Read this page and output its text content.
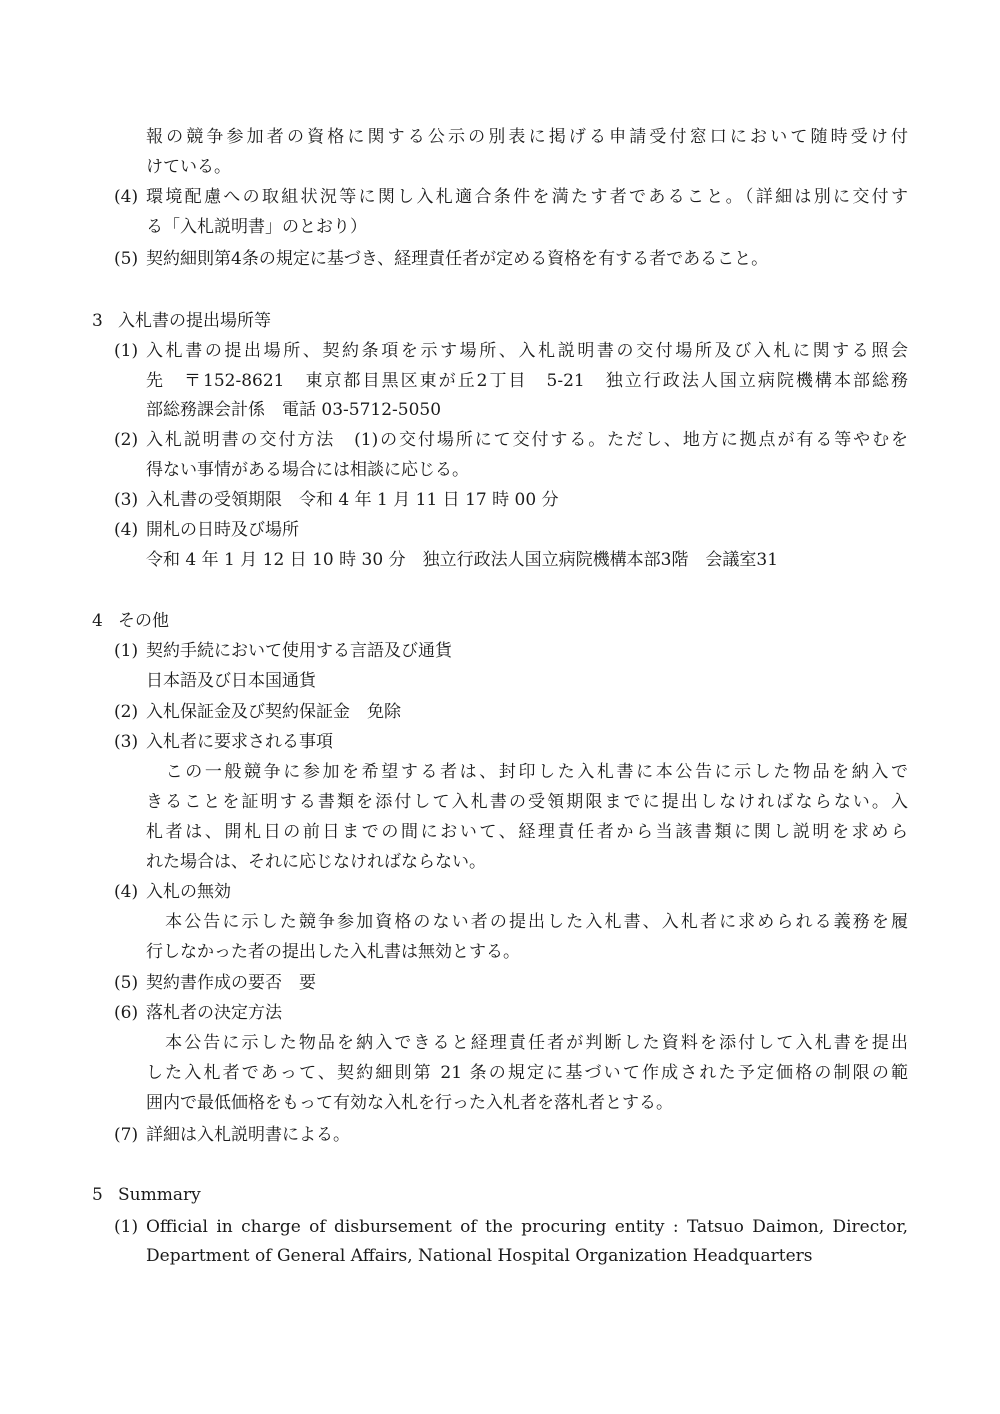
報の競争参加者の資格に関する公示の別表に掲げる申請受付窓口において随時受け付
けている。
(4) 環境配慮への取組状況等に関し入札適合条件を満たす者であること。（詳細は別に交付す
る「入札説明書」のとおり）
(5) 契約細則第4条の規定に基づき、経理責任者が定める資格を有する者であること。
3 入札書の提出場所等
(1) 入札書の提出場所、契約条項を示す場所、入札説明書の交付場所及び入札に関する照会
先　〒152-8621　東京都目黒区東が丘2丁目　5-21　独立行政法人国立病院機構本部総務
部総務課会計係　電話 03-5712-5050
(2) 入札説明書の交付方法　(1)の交付場所にて交付する。ただし、地方に拠点が有る等やむを
得ない事情がある場合には相談に応じる。
(3) 入札書の受領期限　令和 4 年 1 月 11 日 17 時 00 分
(4) 開札の日時及び場所
令和 4 年 1 月 12 日 10 時 30 分　独立行政法人国立病院機構本部3階　会議室31
4 その他
(1) 契約手続において使用する言語及び通貨
日本語及び日本国通貨
(2) 入札保証金及び契約保証金　免除
(3) 入札者に要求される事項
　この一般競争に参加を希望する者は、封印した入札書に本公告に示した物品を納入で
きることを証明する書類を添付して入札書の受領期限までに提出しなければならない。入
札者は、開札日の前日までの間において、経理責任者から当該書類に関し説明を求めら
れた場合は、それに応じなければならない。
(4) 入札の無効
　本公告に示した競争参加資格のない者の提出した入札書、入札者に求められる義務を履
行しなかった者の提出した入札書は無効とする。
(5) 契約書作成の要否　要
(6) 落札者の決定方法
　本公告に示した物品を納入できると経理責任者が判断した資料を添付して入札書を提出
した入札者であって、契約細則第 21 条の規定に基づいて作成された予定価格の制限の範
囲内で最低価格をもって有効な入札を行った入札者を落札者とする。
(7) 詳細は入札説明書による。
5 Summary
(1) Official in charge of disbursement of the procuring entity : Tatsuo Daimon, Director,
Department of General Affairs, National Hospital Organization Headquarters
